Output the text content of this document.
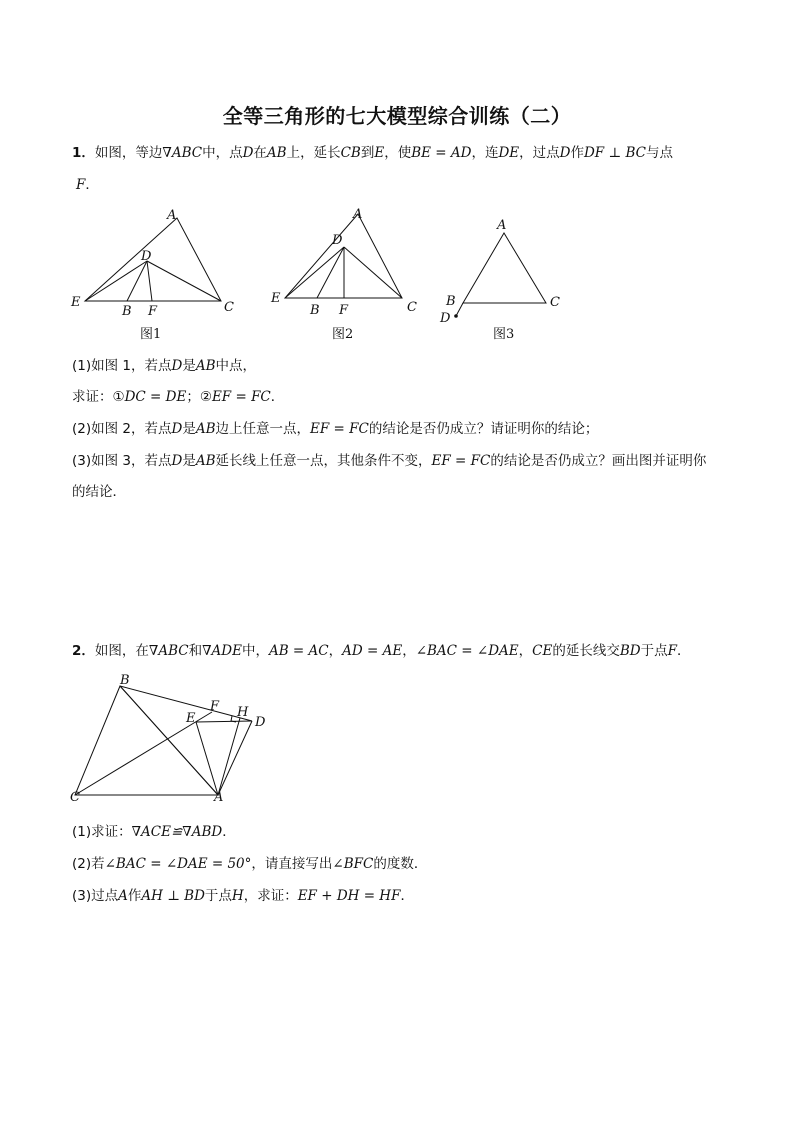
全等三角形的七大模型综合训练（二）
1．如图，等边∇ABC中，点D在AB上，延长CB到E，使BE = AD，连DE，过点D作DF ⊥ BC与点
F．
A
D
E
B F	C
图1
A
D
E
B F	C
图2
A
B	C
D
图3
(1)如图 1，若点D是AB中点，
求证：①DC = DE；②EF = FC．
(2)如图 2，若点D是AB边上任意一点，EF = FC的结论是否仍成立？请证明你的结论；
(3)如图 3，若点D是AB延长线上任意一点，其他条件不变，EF = FC的结论是否仍成立？画出图并证明你
的结论．
2．如图，在∇ABC和∇ADE中，AB = AC，AD = AE，∠BAC = ∠DAE，CE的延长线交BD于点F．
B
F H
E	D
C	A
(1)求证：∇ACE≌∇ABD．
(2)若∠BAC = ∠DAE = 50°，请直接写出∠BFC的度数．
(3)过点A作AH ⊥ BD于点H，求证：EF + DH = HF．
